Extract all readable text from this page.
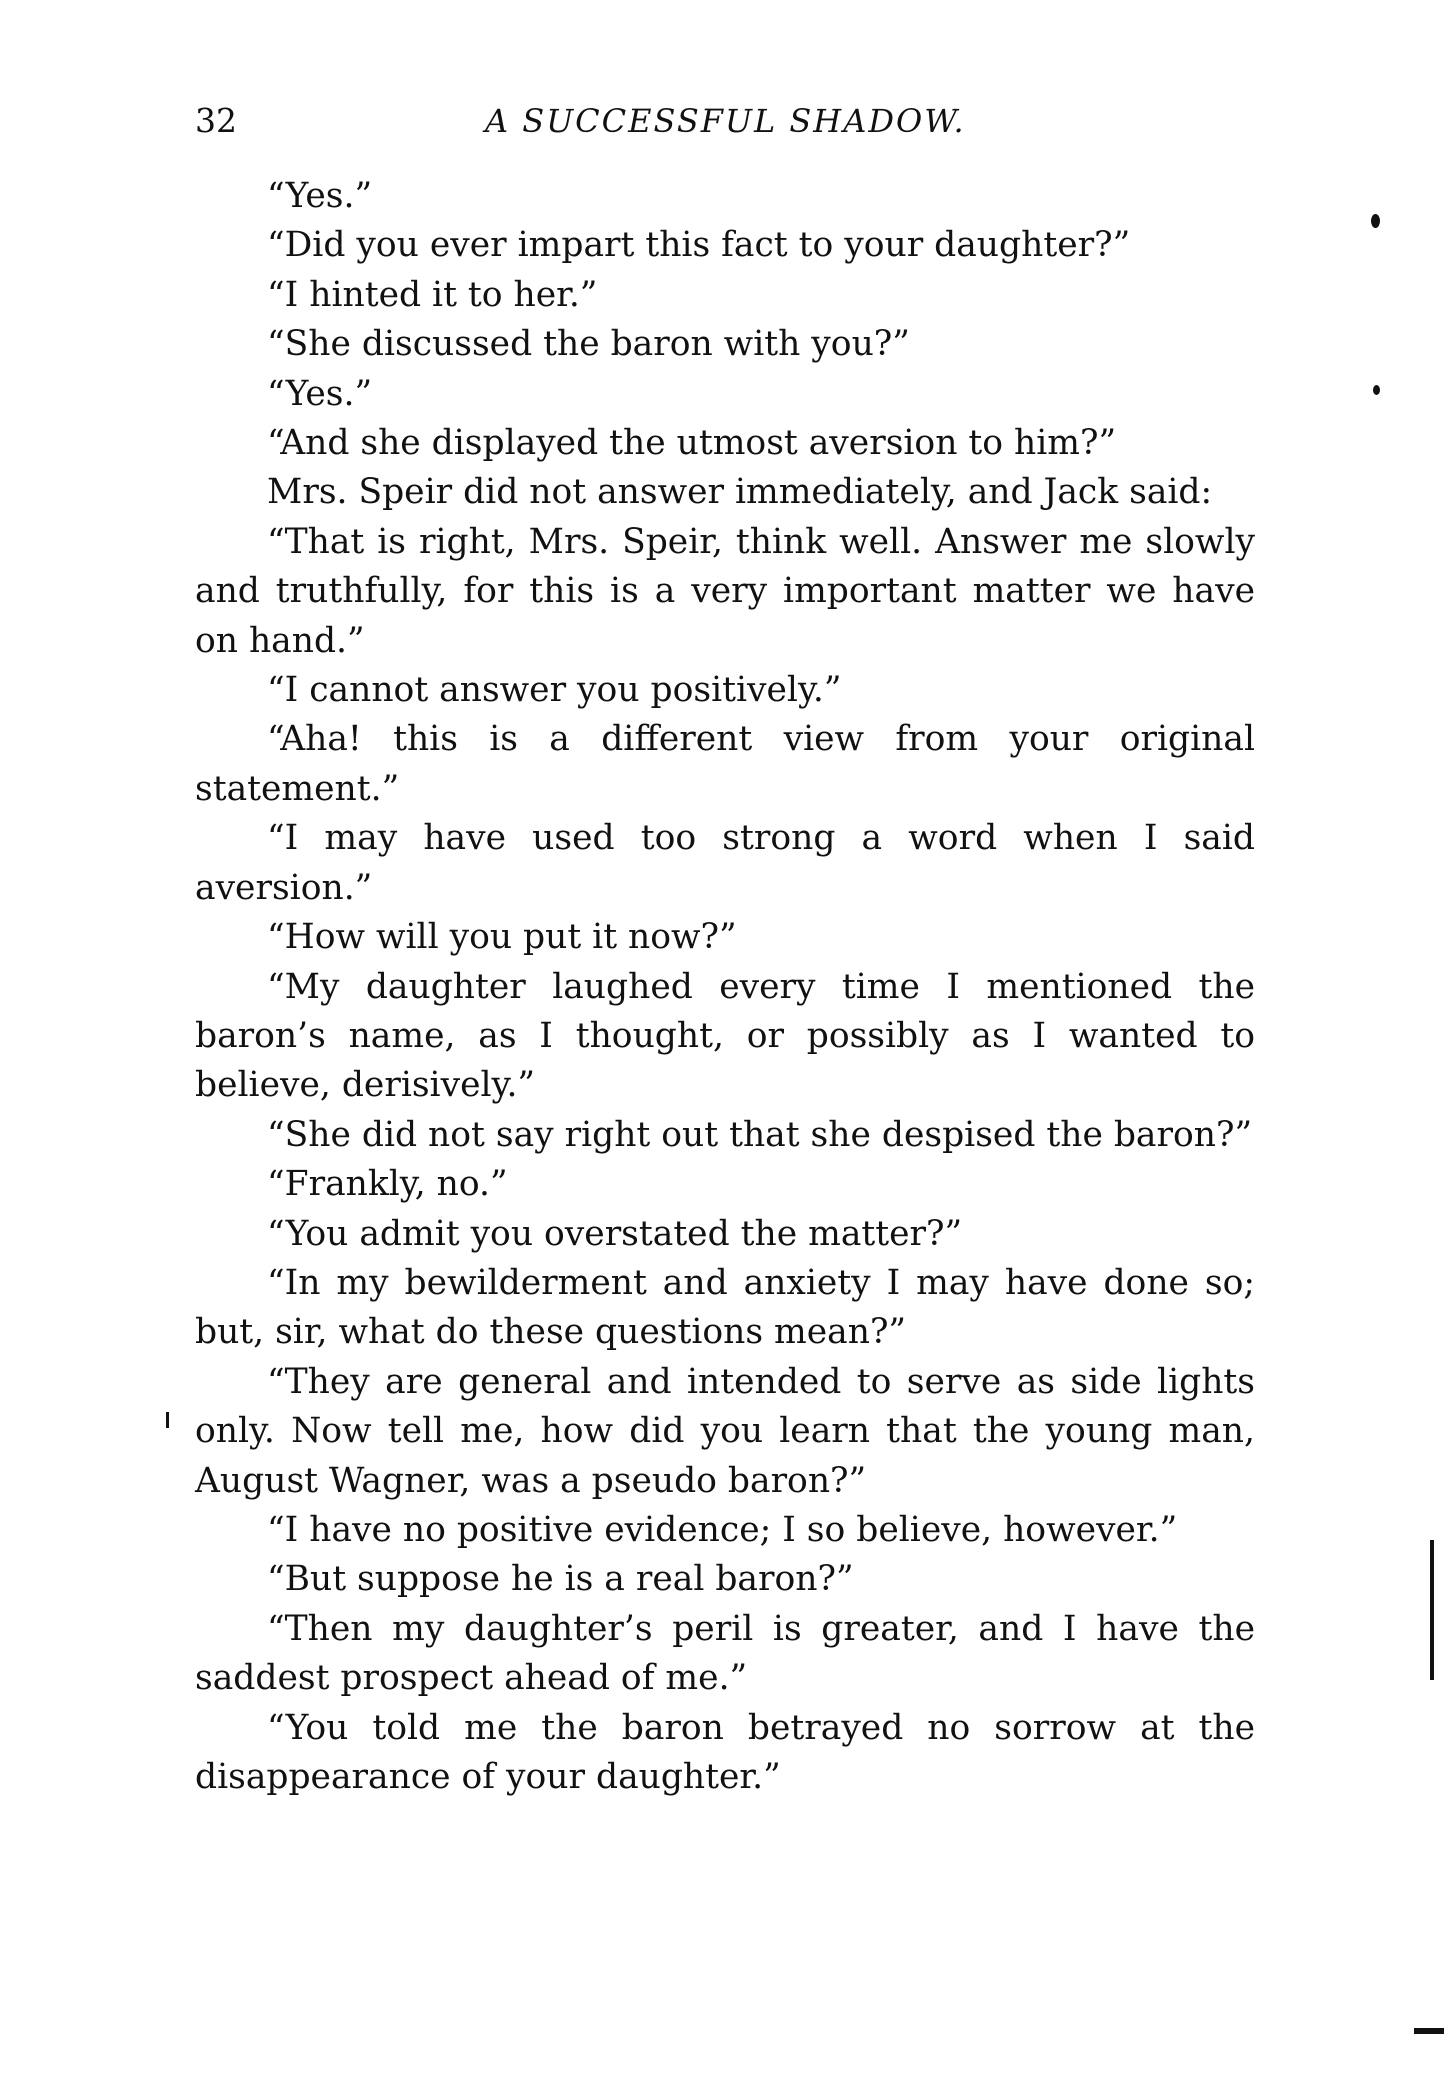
32	A SUCCESSFUL SHADOW.

“Yes.”

“Did you ever impart this fact to your daughter?”

“I hinted it to her.”

“She discussed the baron with you?”

“Yes.”

“And she displayed the utmost aversion to him?”

Mrs. Speir did not answer immediately, and Jack said:

“That is right, Mrs. Speir, think well. Answer me slowly and truthfully, for this is a very important matter we have on hand.”

“I cannot answer you positively.”

“Aha! this is a different view from your original statement.”

“I may have used too strong a word when I said aversion.”

“How will you put it now?”

“My daughter laughed every time I mentioned the baron’s name, as I thought, or possibly as I wanted to believe, derisively.”

“She did not say right out that she despised the baron?”

“Frankly, no.”

“You admit you overstated the matter?”

“In my bewilderment and anxiety I may have done so; but, sir, what do these questions mean?”

“They are general and intended to serve as side lights only. Now tell me, how did you learn that the young man, August Wagner, was a pseudo baron?”

“I have no positive evidence; I so believe, however.”

“But suppose he is a real baron?”

“Then my daughter’s peril is greater, and I have the saddest prospect ahead of me.”

“You told me the baron betrayed no sorrow at the disappearance of your daughter.”
